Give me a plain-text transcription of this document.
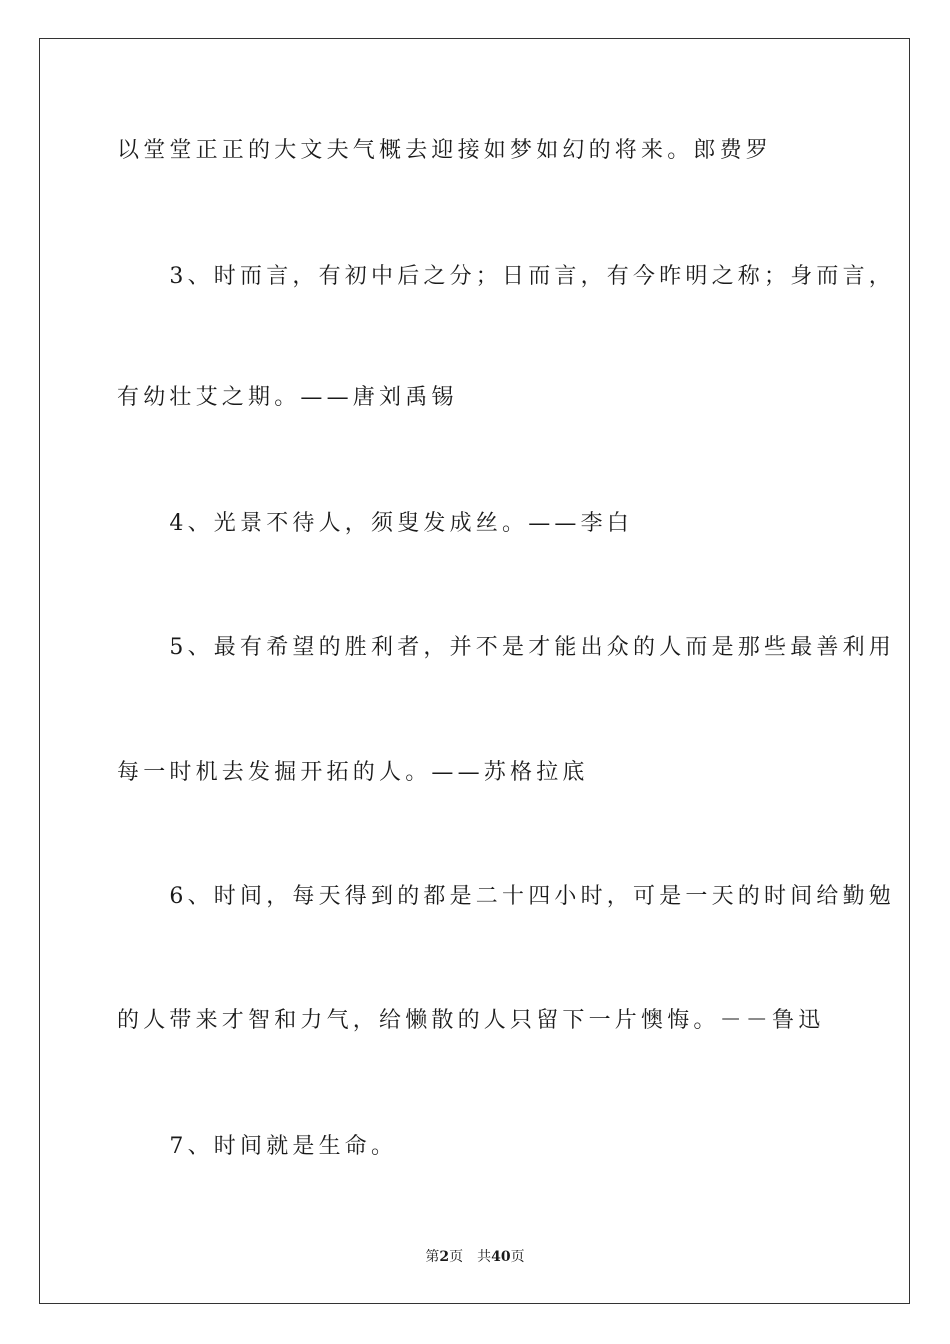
以堂堂正正的大文夫气概去迎接如梦如幻的将来。郎费罗
　　3、时而言，有初中后之分；日而言，有今昨明之称；身而言，
有幼壮艾之期。——唐刘禹锡
　　4、光景不待人，须叟发成丝。——李白
　　5、最有希望的胜利者，并不是才能出众的人而是那些最善利用
每一时机去发掘开拓的人。——苏格拉底
　　6、时间，每天得到的都是二十四小时，可是一天的时间给勤勉
的人带来才智和力气，给懒散的人只留下一片懊悔。－－鲁迅
　　7、时间就是生命。
第2页　共40页
